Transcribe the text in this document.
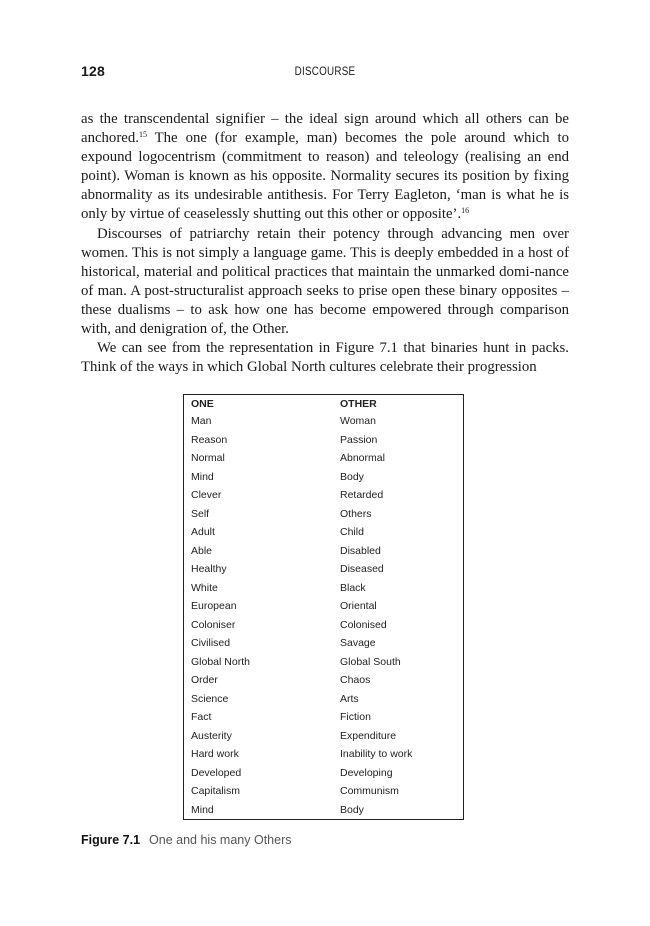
128	DISCOURSE

as the transcendental signifier – the ideal sign around which all others can be anchored.$^{15}$ The one (for example, man) becomes the pole around which to expound logocentrism (commitment to reason) and teleology (realising an end point). Woman is known as his opposite. Normality secures its position by fixing abnormality as its undesirable antithesis. For Terry Eagleton, ‘man is what he is only by virtue of ceaselessly shutting out this other or opposite’.$^{16}$

Discourses of patriarchy retain their potency through advancing men over women. This is not simply a language game. This is deeply embedded in a host of historical, material and political practices that maintain the unmarked domi-nance of man. A post-structuralist approach seeks to prise open these binary opposites – these dualisms – to ask how one has become empowered through comparison with, and denigration of, the Other.

We can see from the representation in Figure 7.1 that binaries hunt in packs. Think of the ways in which Global North cultures celebrate their progression

ONE	OTHER
Man	Woman
Reason	Passion
Normal	Abnormal
Mind	Body
Clever	Retarded
Self	Others
Adult	Child
Able	Disabled
Healthy	Diseased
White	Black
European	Oriental
Coloniser	Colonised
Civilised	Savage
Global North	Global South
Order	Chaos
Science	Arts
Fact	Fiction
Austerity	Expenditure
Hard work	Inability to work
Developed	Developing
Capitalism	Communism
Mind	Body
Figure 7.1 One and his many Others
